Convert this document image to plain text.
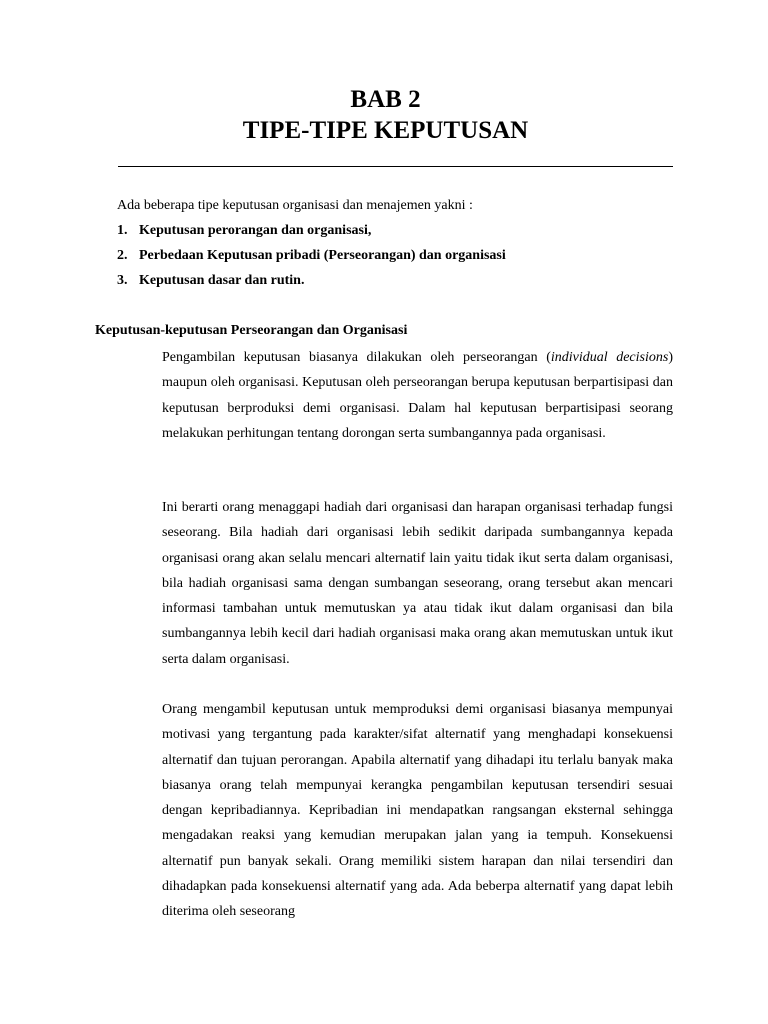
BAB 2
TIPE-TIPE KEPUTUSAN
Ada beberapa tipe keputusan organisasi dan menajemen yakni :
1. Keputusan perorangan dan organisasi,
2. Perbedaan Keputusan pribadi (Perseorangan) dan organisasi
3. Keputusan dasar dan rutin.
Keputusan-keputusan Perseorangan dan Organisasi

Pengambilan keputusan biasanya dilakukan oleh perseorangan (individual decisions) maupun oleh organisasi. Keputusan oleh perseorangan berupa keputusan berpartisipasi dan keputusan berproduksi demi organisasi. Dalam hal keputusan berpartisipasi seorang melakukan perhitungan tentang dorongan serta sumbangannya pada organisasi.

Ini berarti orang menaggapi hadiah dari organisasi dan harapan organisasi terhadap fungsi seseorang. Bila hadiah dari organisasi lebih sedikit daripada sumbangannya kepada organisasi orang akan selalu mencari alternatif lain yaitu tidak ikut serta dalam organisasi, bila hadiah organisasi sama dengan sumbangan seseorang, orang tersebut akan mencari informasi tambahan untuk memutuskan ya atau tidak ikut dalam organisasi dan bila sumbangannya lebih kecil dari hadiah organisasi maka orang akan memutuskan untuk ikut serta dalam organisasi.

Orang mengambil keputusan untuk memproduksi demi organisasi biasanya mempunyai motivasi yang tergantung pada karakter/sifat alternatif yang menghadapi konsekuensi alternatif dan tujuan perorangan. Apabila alternatif yang dihadapi itu terlalu banyak maka biasanya orang telah mempunyai kerangka pengambilan keputusan tersendiri sesuai dengan kepribadiannya. Kepribadian ini mendapatkan rangsangan eksternal sehingga mengadakan reaksi yang kemudian merupakan jalan yang ia tempuh. Konsekuensi alternatif pun banyak sekali. Orang memiliki sistem harapan dan nilai tersendiri dan dihadapkan pada konsekuensi alternatif yang ada. Ada beberpa alternatif yang dapat lebih diterima oleh seseorang
